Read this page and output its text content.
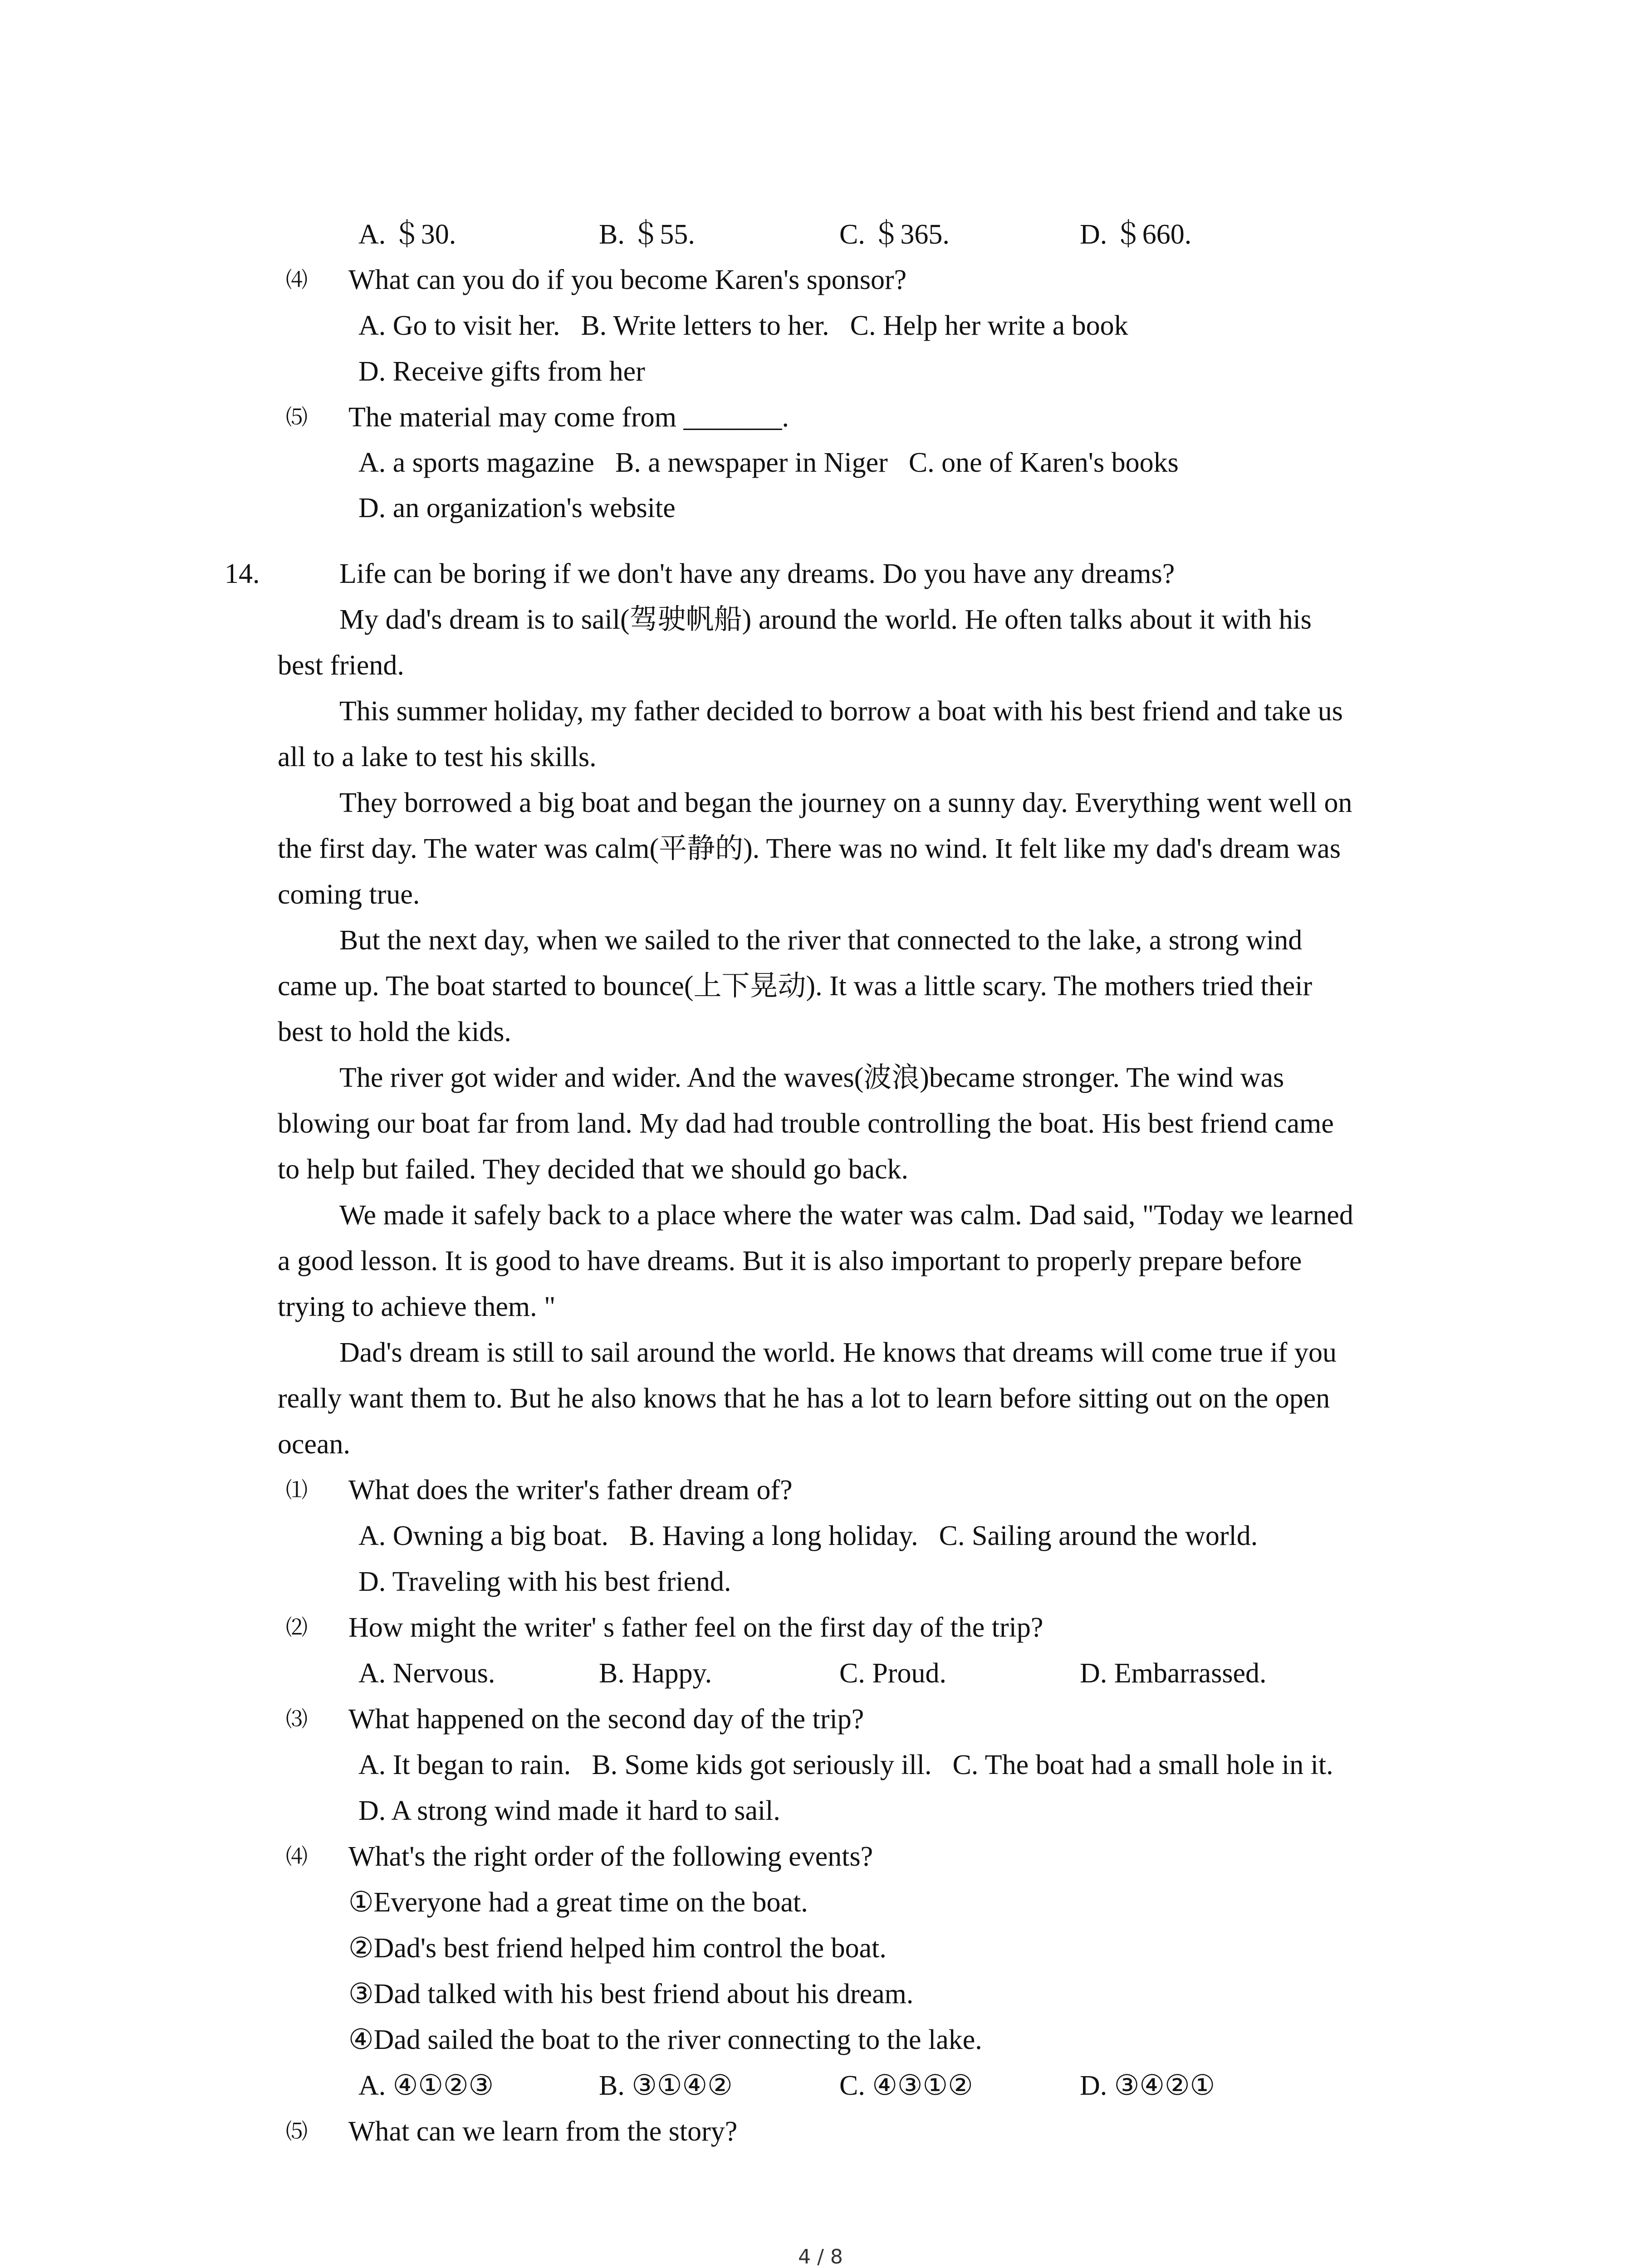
A. ＄30.	B. ＄55.	C. ＄365.	D. ＄660.
⑷ What can you do if you become Karen's sponsor?
A. Go to visit her. B. Write letters to her. C. Help her write a book
D. Receive gifts from her
⑸ The material may come from _______.
A. a sports magazine B. a newspaper in Niger C. one of Karen's books
D. an organization's website
14.	Life can be boring if we don't have any dreams. Do you have any dreams?
My dad's dream is to sail(驾驶帆船) around the world. He often talks about it with his
best friend.
This summer holiday, my father decided to borrow a boat with his best friend and take us
all to a lake to test his skills.
They borrowed a big boat and began the journey on a sunny day. Everything went well on
the first day. The water was calm(平静的). There was no wind. It felt like my dad's dream was
coming true.
But the next day, when we sailed to the river that connected to the lake, a strong wind
came up. The boat started to bounce(上下晃动). It was a little scary. The mothers tried their
best to hold the kids.
The river got wider and wider. And the waves(波浪)became stronger. The wind was
blowing our boat far from land. My dad had trouble controlling the boat. His best friend came
to help but failed. They decided that we should go back.
We made it safely back to a place where the water was calm. Dad said, "Today we learned
a good lesson. It is good to have dreams. But it is also important to properly prepare before
trying to achieve them. "
Dad's dream is still to sail around the world. He knows that dreams will come true if you
really want them to. But he also knows that he has a lot to learn before sitting out on the open
ocean.
⑴ What does the writer's father dream of?
A. Owning a big boat. B. Having a long holiday. C. Sailing around the world.
D. Traveling with his best friend.
⑵ How might the writer' s father feel on the first day of the trip?
A. Nervous.	B. Happy.	C. Proud.	D. Embarrassed.
⑶ What happened on the second day of the trip?
A. It began to rain. B. Some kids got seriously ill. C. The boat had a small hole in it.
D. A strong wind made it hard to sail.
⑷ What's the right order of the following events?
①Everyone had a great time on the boat.
②Dad's best friend helped him control the boat.
③Dad talked with his best friend about his dream.
④Dad sailed the boat to the river connecting to the lake.
A. ④①②③	B. ③①④②	C. ④③①②	D. ③④②①
⑸ What can we learn from the story?
4 / 8
